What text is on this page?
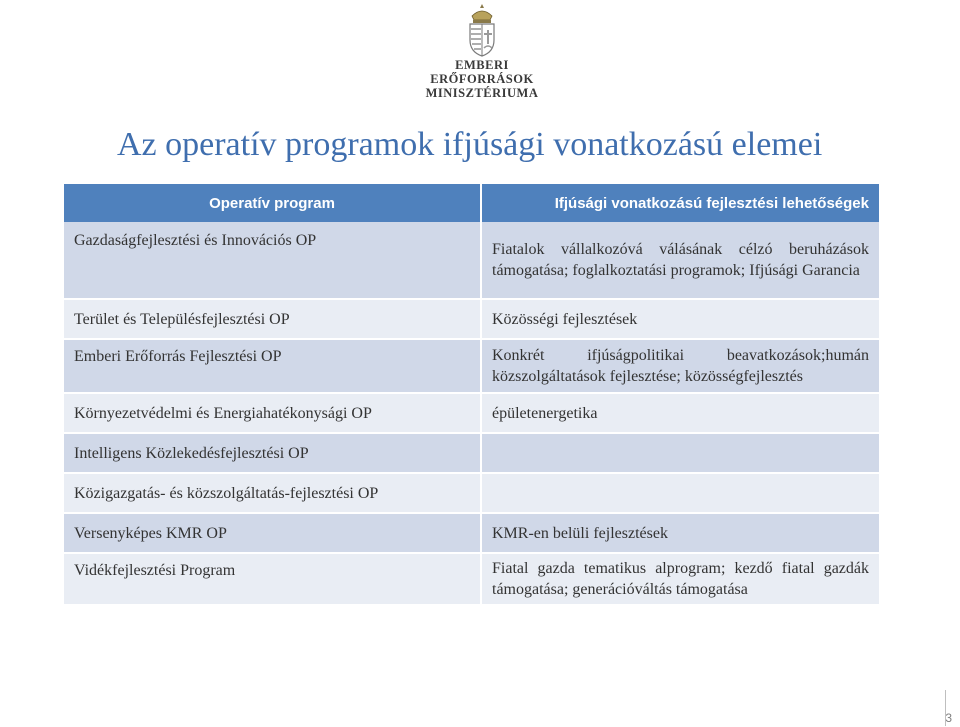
EMBERI ERŐFORRÁSOK
MINISZTÉRIUMA
Az operatív programok ifjúsági vonatkozású elemei
Operatív program	Ifjúsági vonatkozású fejlesztési lehetőségek
Gazdaságfejlesztési és Innovációs OP	Fiatalok vállalkozóvá válásának célzó beruházások támogatása; foglalkoztatási programok; Ifjúsági Garancia
Terület és Településfejlesztési OP	Közösségi fejlesztések
Emberi Erőforrás Fejlesztési OP	Konkrét ifjúságpolitikai beavatkozások;humán közszolgáltatások fejlesztése; közösségfejlesztés
Környezetvédelmi és Energiahatékonysági OP	épületenergetika
Intelligens Közlekedésfejlesztési OP	
Közigazgatás- és közszolgáltatás-fejlesztési OP	
Versenyképes KMR OP	KMR-en belüli fejlesztések
Vidékfejlesztési Program	Fiatal gazda tematikus alprogram; kezdő fiatal gazdák támogatása; generációváltás támogatása
3
